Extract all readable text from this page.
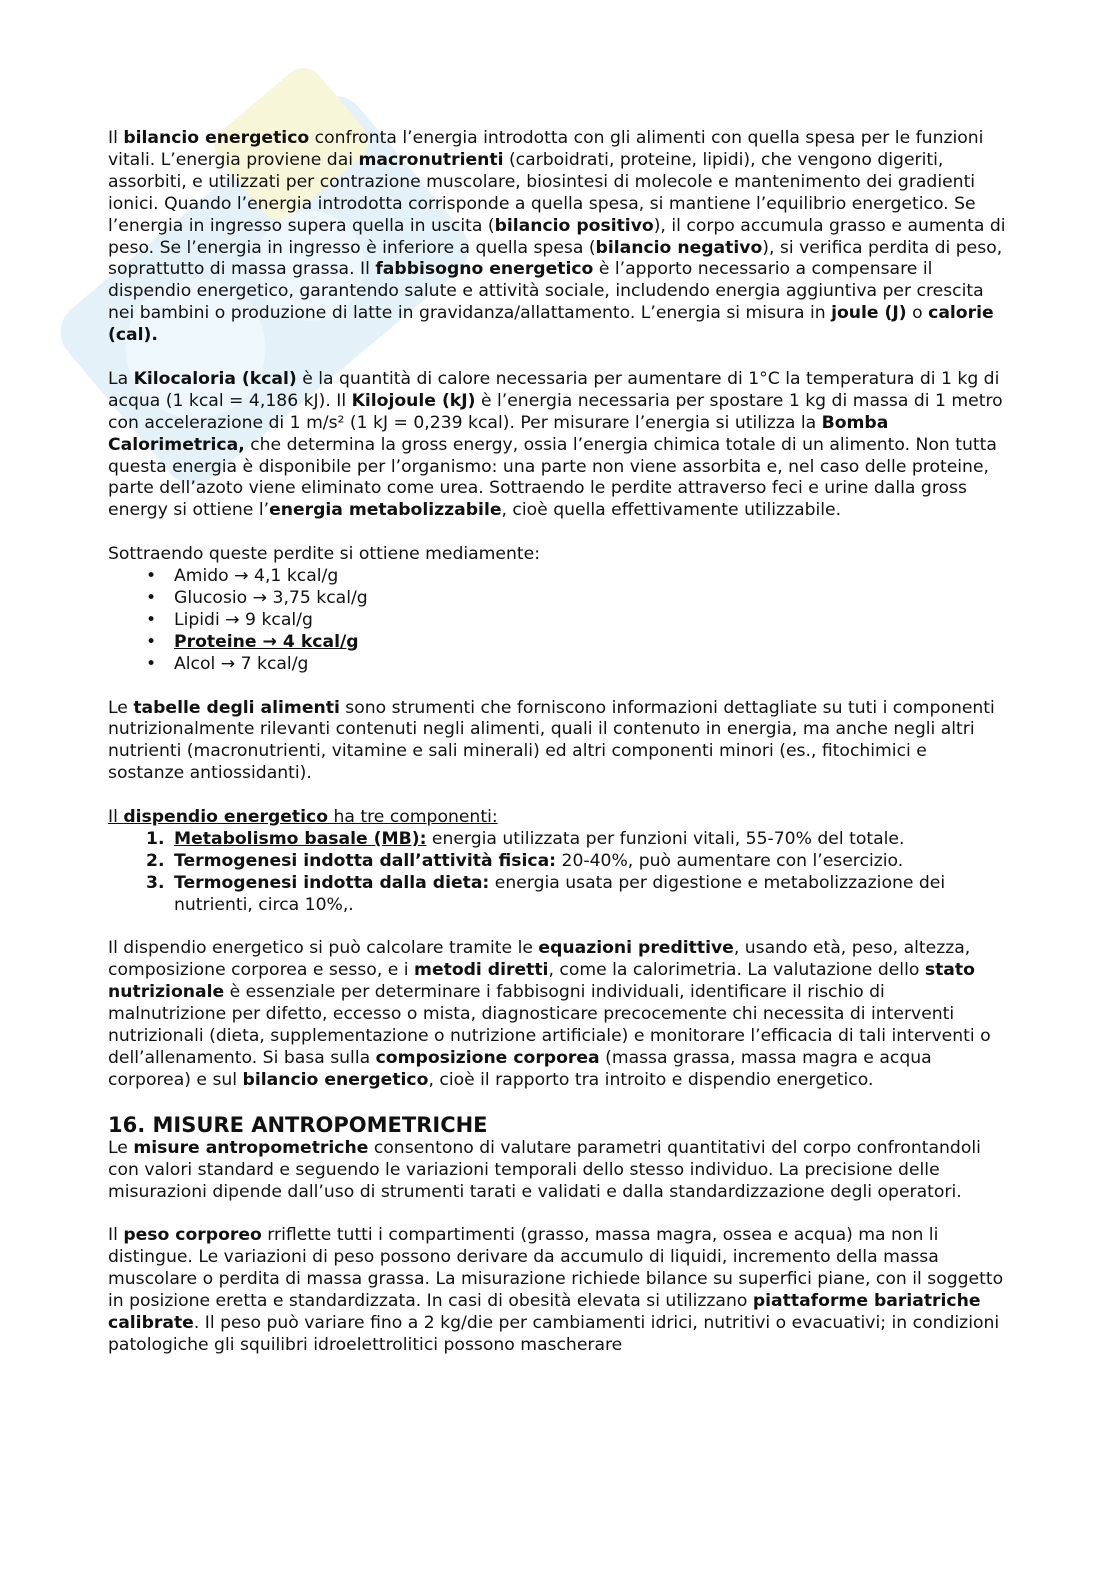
Il bilancio energetico confronta l’energia introdotta con gli alimenti con quella spesa per le funzioni vitali. L’energia proviene dai macronutrienti (carboidrati, proteine, lipidi), che vengono digeriti, assorbiti, e utilizzati per contrazione muscolare, biosintesi di molecole e mantenimento dei gradienti ionici. Quando l’energia introdotta corrisponde a quella spesa, si mantiene l’equilibrio energetico. Se l’energia in ingresso supera quella in uscita (bilancio positivo), il corpo accumula grasso e aumenta di peso. Se l’energia in ingresso è inferiore a quella spesa (bilancio negativo), si verifica perdita di peso, soprattutto di massa grassa. Il fabbisogno energetico è l’apporto necessario a compensare il dispendio energetico, garantendo salute e attività sociale, includendo energia aggiuntiva per crescita nei bambini o produzione di latte in gravidanza/allattamento. L’energia si misura in joule (J) o calorie (cal).

La Kilocaloria (kcal) è la quantità di calore necessaria per aumentare di 1°C la temperatura di 1 kg di acqua (1 kcal = 4,186 kJ). Il Kilojoule (kJ) è l’energia necessaria per spostare 1 kg di massa di 1 metro con accelerazione di 1 m/s² (1 kJ = 0,239 kcal). Per misurare l’energia si utilizza la Bomba Calorimetrica, che determina la gross energy, ossia l’energia chimica totale di un alimento. Non tutta questa energia è disponibile per l’organismo: una parte non viene assorbita e, nel caso delle proteine, parte dell’azoto viene eliminato come urea. Sottraendo le perdite attraverso feci e urine dalla gross energy si ottiene l’energia metabolizzabile, cioè quella effettivamente utilizzabile.

Sottraendo queste perdite si ottiene mediamente:

• Amido → 4,1 kcal/g
• Glucosio → 3,75 kcal/g
• Lipidi → 9 kcal/g
• Proteine → 4 kcal/g
• Alcol → 7 kcal/g

Le tabelle degli alimenti sono strumenti che forniscono informazioni dettagliate su tuti i componenti nutrizionalmente rilevanti contenuti negli alimenti, quali il contenuto in energia, ma anche negli altri nutrienti (macronutrienti, vitamine e sali minerali) ed altri componenti minori (es., fitochimici e sostanze antiossidanti).

Il dispendio energetico ha tre componenti:

1. Metabolismo basale (MB): energia utilizzata per funzioni vitali, 55-70% del totale.
2. Termogenesi indotta dall’attività fisica: 20-40%, può aumentare con l’esercizio.
3. Termogenesi indotta dalla dieta: energia usata per digestione e metabolizzazione dei nutrienti, circa 10%,.

Il dispendio energetico si può calcolare tramite le equazioni predittive, usando età, peso, altezza, composizione corporea e sesso, e i metodi diretti, come la calorimetria. La valutazione dello stato nutrizionale è essenziale per determinare i fabbisogni individuali, identificare il rischio di malnutrizione per difetto, eccesso o mista, diagnosticare precocemente chi necessita di interventi nutrizionali (dieta, supplementazione o nutrizione artificiale) e monitorare l’efficacia di tali interventi o dell’allenamento. Si basa sulla composizione corporea (massa grassa, massa magra e acqua corporea) e sul bilancio energetico, cioè il rapporto tra introito e dispendio energetico.

16. MISURE ANTROPOMETRICHE

Le misure antropometriche consentono di valutare parametri quantitativi del corpo confrontandoli con valori standard e seguendo le variazioni temporali dello stesso individuo. La precisione delle misurazioni dipende dall’uso di strumenti tarati e validati e dalla standardizzazione degli operatori.

Il peso corporeo rriflette tutti i compartimenti (grasso, massa magra, ossea e acqua) ma non li distingue. Le variazioni di peso possono derivare da accumulo di liquidi, incremento della massa muscolare o perdita di massa grassa. La misurazione richiede bilance su superfici piane, con il soggetto in posizione eretta e standardizzata. In casi di obesità elevata si utilizzano piattaforme bariatriche calibrate. Il peso può variare fino a 2 kg/die per cambiamenti idrici, nutritivi o evacuativi; in condizioni patologiche gli squilibri idroelettrolitici possono mascherare
